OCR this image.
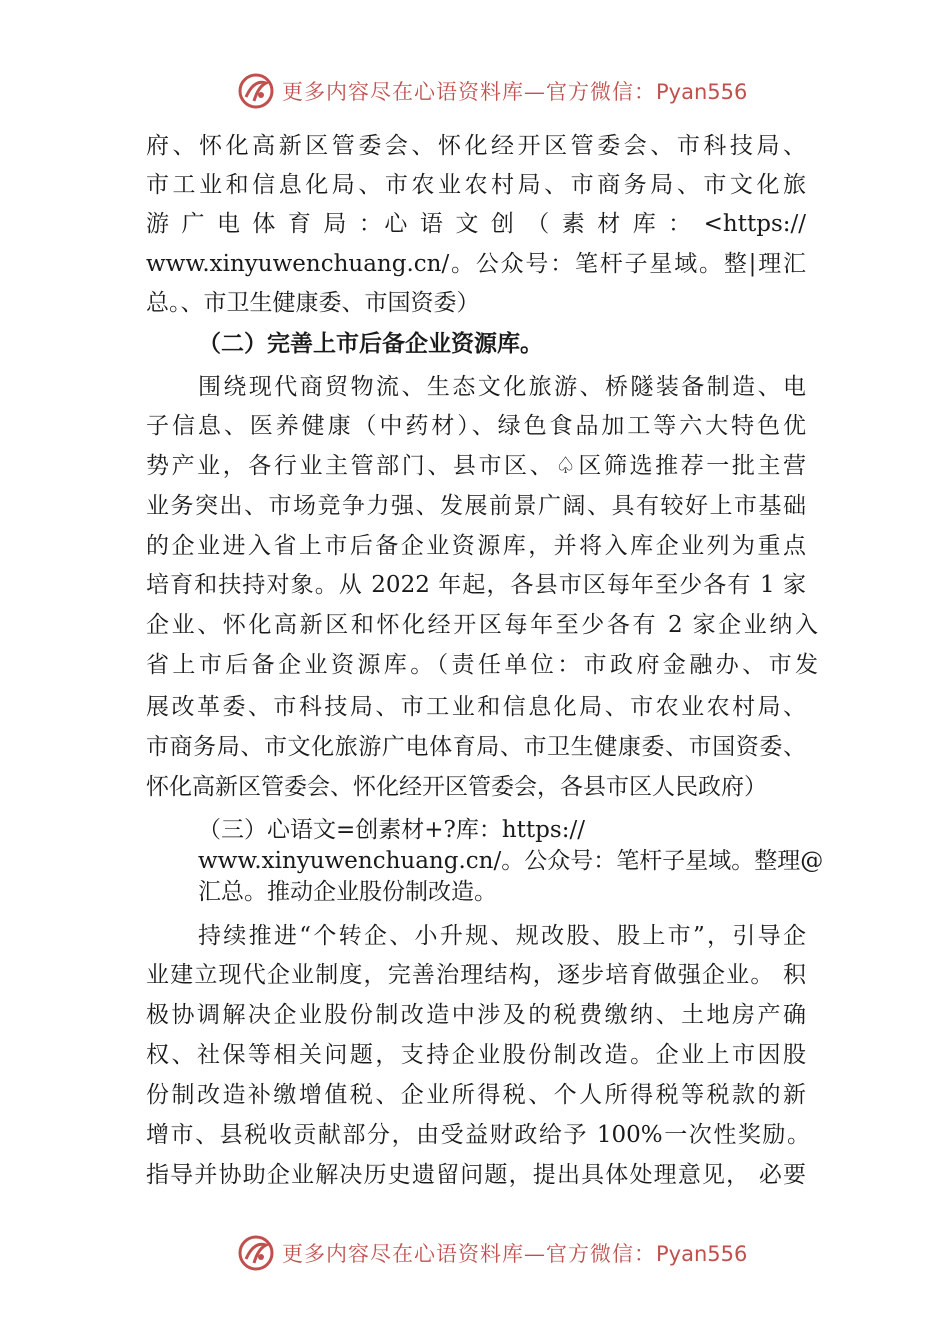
更多内容尽在心语资料库—官方微信：Pyan556
府、怀化高新区管委会、怀化经开区管委会、市科技局、
市工业和信息化局、市农业农村局、市商务局、市文化旅
游 广 电 体 育 局 ：心 语 文 创 （ 素 材 库 ： <https://
www.xinyuwenchuang.cn/。公众号：笔杆子星域。整|理汇
总。、市卫生健康委、市国资委）
（二）完善上市后备企业资源库。
围绕现代商贸物流、生态文化旅游、桥隧装备制造、电
子信息、医养健康（中药材）、绿色食品加工等六大特色优
势产业，各行业主管部门、县市区、♤区筛选推荐一批主营
业务突出、市场竞争力强、发展前景广阔、具有较好上市基础
的企业进入省上市后备企业资源库，并将入库企业列为重点
培育和扶持对象。从 2022 年起，各县市区每年至少各有 1 家
企业、怀化高新区和怀化经开区每年至少各有 2 家企业纳入
省上市后备企业资源库。（责任单位：市政府金融办、市发
展改革委、市科技局、市工业和信息化局、市农业农村局、
市商务局、市文化旅游广电体育局、市卫生健康委、市国资委、
怀化高新区管委会、怀化经开区管委会，各县市区人民政府）
（三）心语文=创素材+?库：https://
www.xinyuwenchuang.cn/。公众号：笔杆子星域。整理@
汇总。推动企业股份制改造。
持续推进“个转企、小升规、规改股、股上市”，引导企
业建立现代企业制度，完善治理结构，逐步培育做强企业。 积
极协调解决企业股份制改造中涉及的税费缴纳、土地房产确
权、社保等相关问题，支持企业股份制改造。企业上市因股
份制改造补缴增值税、企业所得税、个人所得税等税款的新
增市、县税收贡献部分，由受益财政给予 100%一次性奖励。
指导并协助企业解决历史遗留问题，提出具体处理意见， 必要
更多内容尽在心语资料库—官方微信：Pyan556
